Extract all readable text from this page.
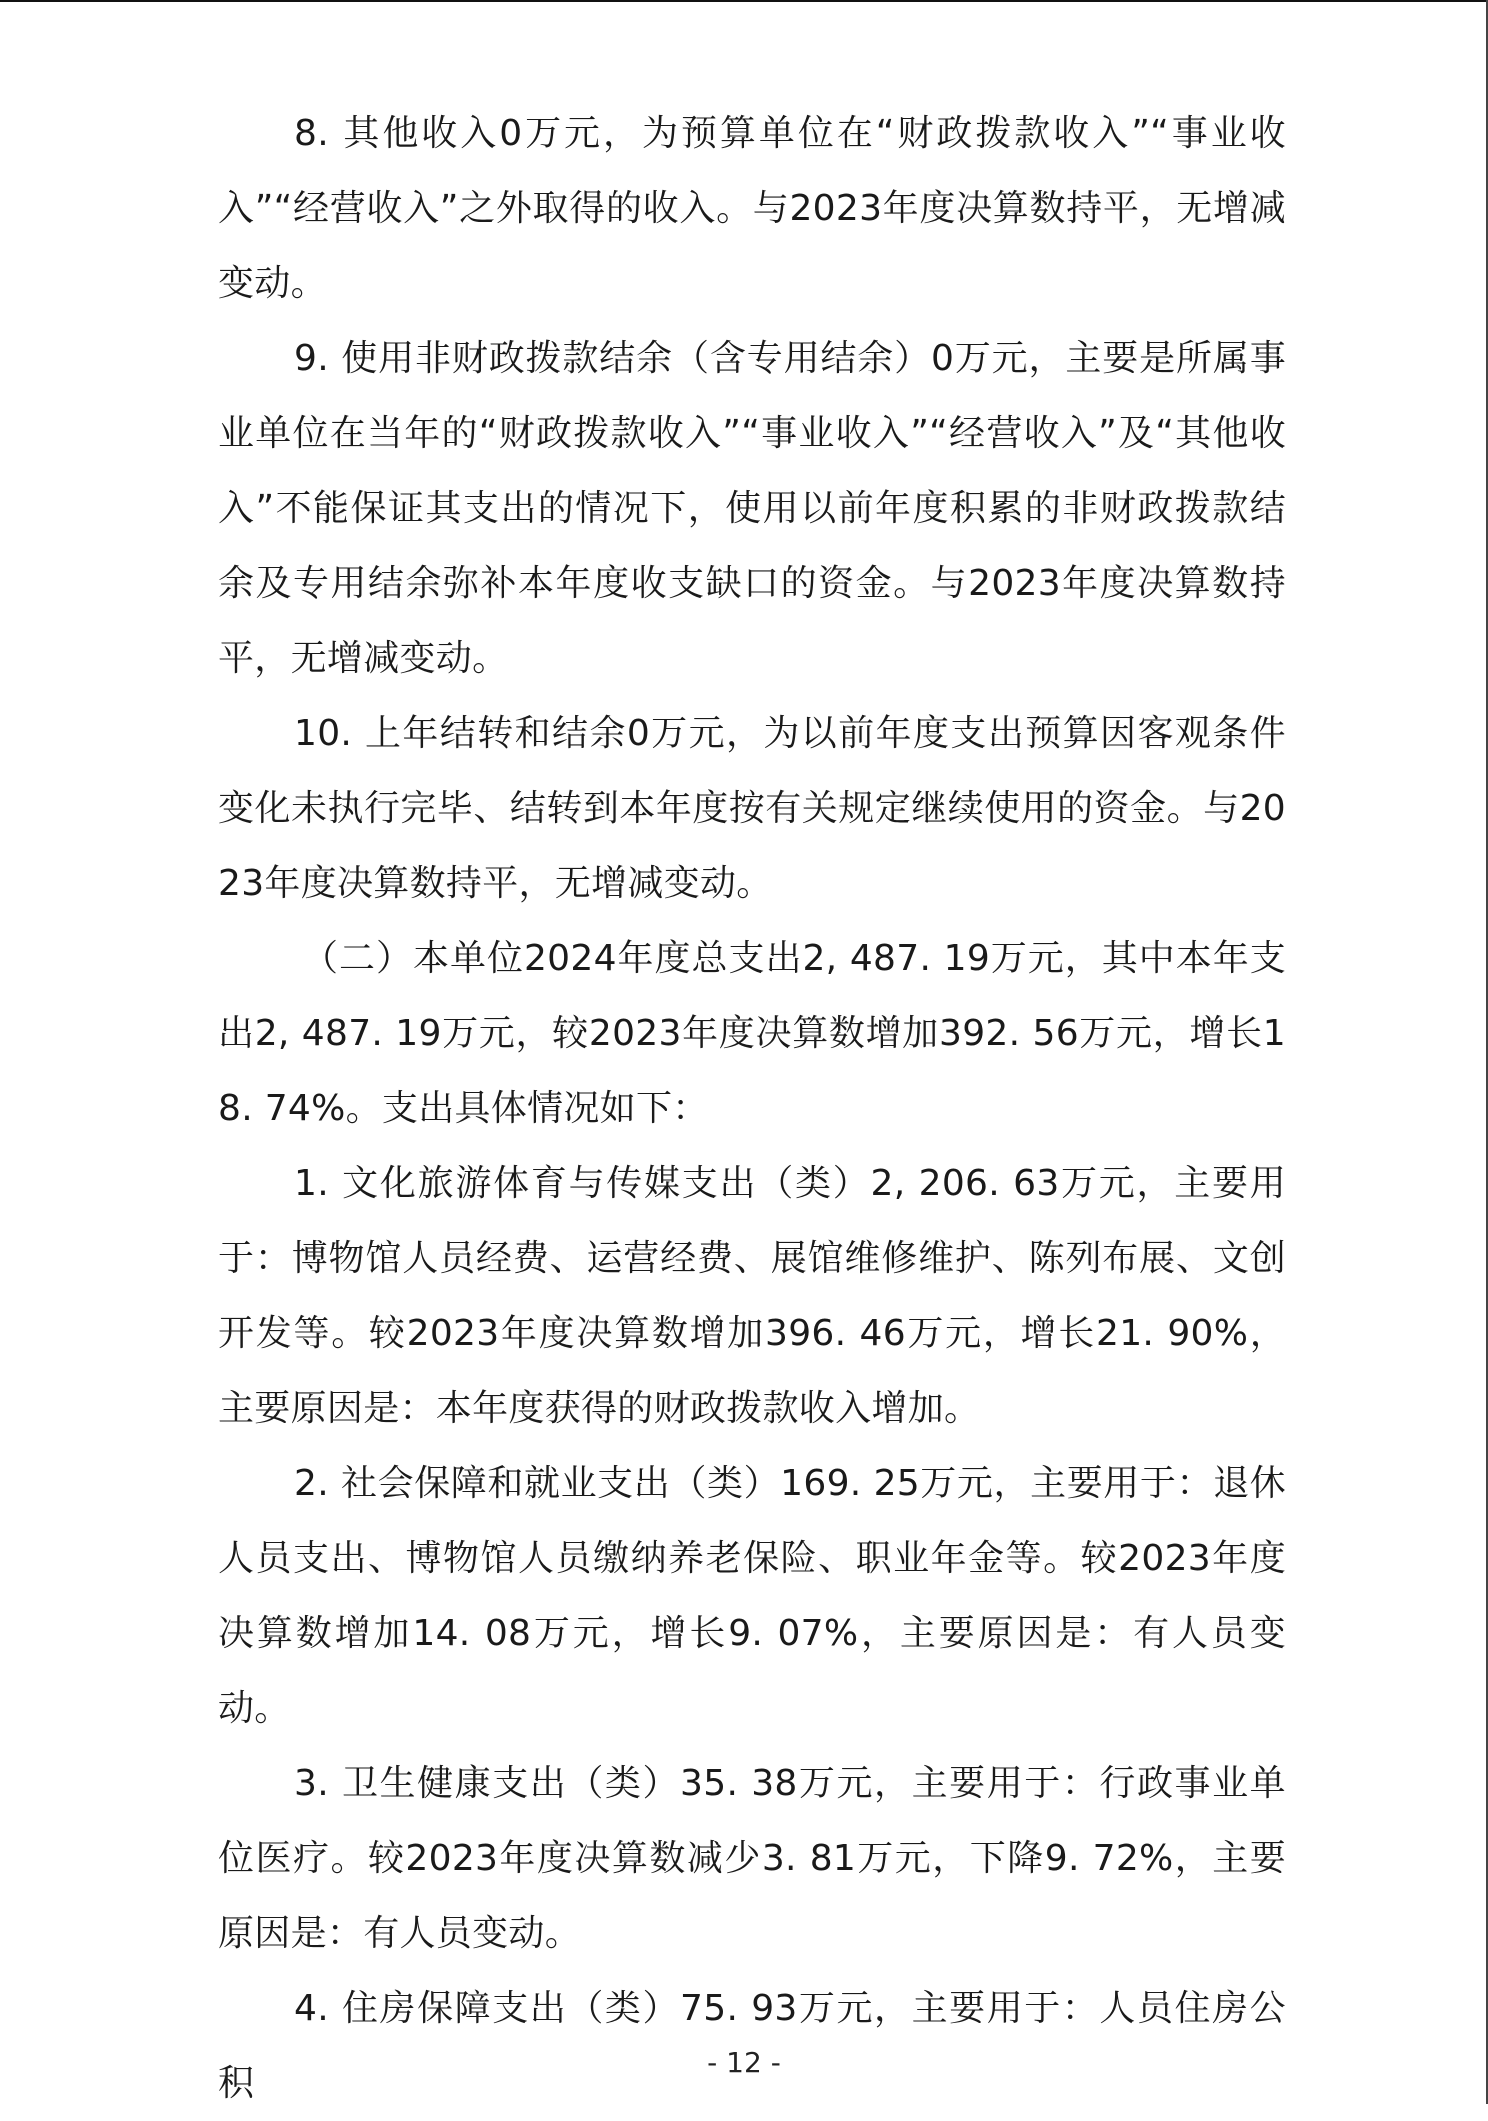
8. 其他收入0万元，为预算单位在“财政拨款收入”“事业收入”“经营收入”之外取得的收入。与2023年度决算数持平，无增减变动。

9. 使用非财政拨款结余（含专用结余）0万元，主要是所属事业单位在当年的“财政拨款收入”“事业收入”“经营收入”及“其他收入”不能保证其支出的情况下，使用以前年度积累的非财政拨款结余及专用结余弥补本年度收支缺口的资金。与2023年度决算数持平，无增减变动。

10. 上年结转和结余0万元，为以前年度支出预算因客观条件变化未执行完毕、结转到本年度按有关规定继续使用的资金。与2023年度决算数持平，无增减变动。

（二）本单位2024年度总支出2, 487. 19万元，其中本年支出2, 487. 19万元，较2023年度决算数增加392. 56万元，增长18. 74%。支出具体情况如下：

1. 文化旅游体育与传媒支出（类）2, 206. 63万元，主要用于：博物馆人员经费、运营经费、展馆维修维护、陈列布展、文创开发等。较2023年度决算数增加396. 46万元，增长21. 90%，主要原因是：本年度获得的财政拨款收入增加。

2. 社会保障和就业支出（类）169. 25万元，主要用于：退休人员支出、博物馆人员缴纳养老保险、职业年金等。较2023年度决算数增加14. 08万元，增长9. 07%，主要原因是：有人员变动。

3. 卫生健康支出（类）35. 38万元，主要用于：行政事业单位医疗。较2023年度决算数减少3. 81万元，下降9. 72%，主要原因是：有人员变动。

4. 住房保障支出（类）75. 93万元，主要用于：人员住房公积

- 12 -
